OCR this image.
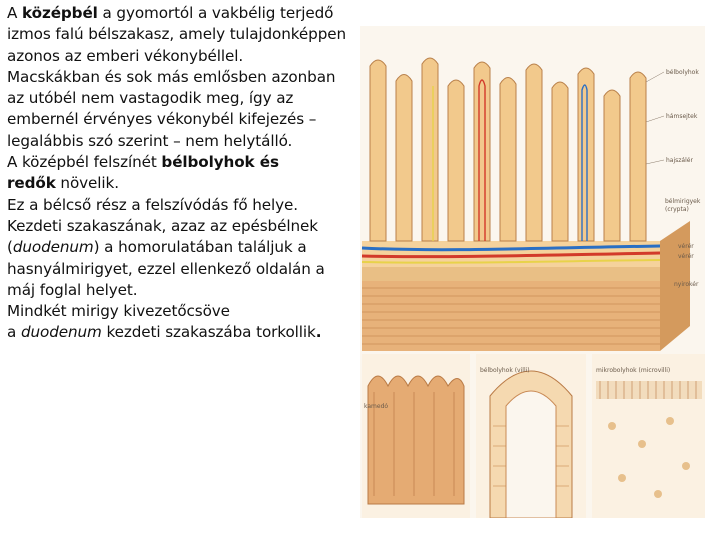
A középbél a gyomortól a vakbélig terjedő
izmos falú bélszakasz, amely tulajdonképpen
azonos az emberi vékonybéllel.
Macskákban és sok más emlősben azonban
az utóbél nem vastagodik meg, így az
embernél érvényes vékonybél kifejezés –
legalábbis szó szerint – nem helytálló.
A középbél felszínét bélbolyhok és
redők növelik.
Ez a bélcső rész a felszívódás fő helye.
Kezdeti szakaszának, azaz az epésbélnek
(duodenum) a homorulatában találjuk a
hasnyálmirigyet, ezzel ellenkező oldalán a
máj foglal helyet.
Mindkét mirigy kivezetőcsöve
a duodenum kezdeti szakaszába torkollik.
bélbolyhok
hámsejtek
hajszálér
bélmirigyek
(crypta)
vérér
vérér
nyirokér
kamedó
bélbolyhok (villi)	mikrobolyhok (microvilli)
